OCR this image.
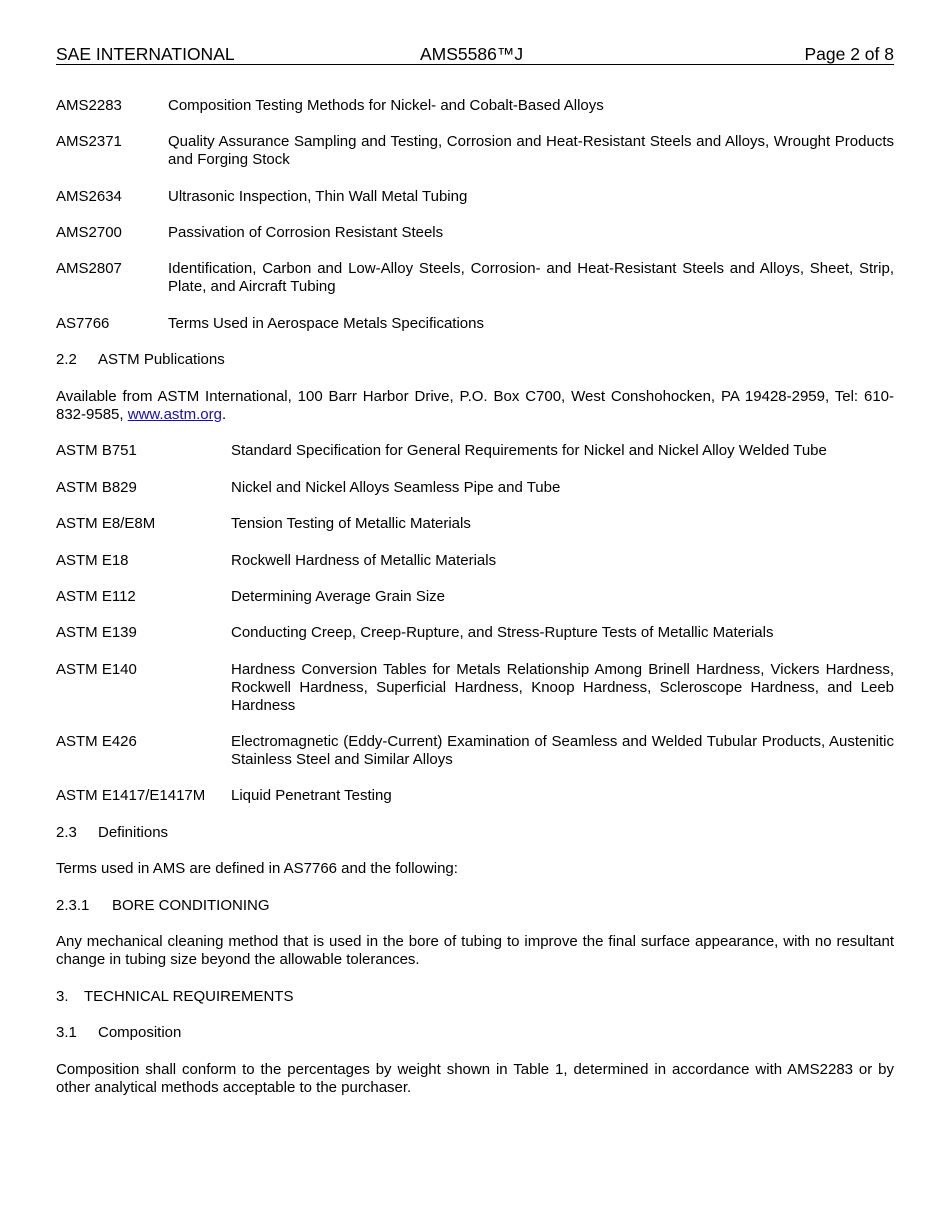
SAE INTERNATIONAL	AMS5586™J	Page 2 of 8
AMS2283	Composition Testing Methods for Nickel- and Cobalt-Based Alloys
AMS2371	Quality Assurance Sampling and Testing, Corrosion and Heat-Resistant Steels and Alloys, Wrought Products and Forging Stock
AMS2634	Ultrasonic Inspection, Thin Wall Metal Tubing
AMS2700	Passivation of Corrosion Resistant Steels
AMS2807	Identification, Carbon and Low-Alloy Steels, Corrosion- and Heat-Resistant Steels and Alloys, Sheet, Strip, Plate, and Aircraft Tubing
AS7766	Terms Used in Aerospace Metals Specifications
2.2 ASTM Publications
Available from ASTM International, 100 Barr Harbor Drive, P.O. Box C700, West Conshohocken, PA 19428-2959, Tel: 610-832-9585, www.astm.org.
ASTM B751	Standard Specification for General Requirements for Nickel and Nickel Alloy Welded Tube
ASTM B829	Nickel and Nickel Alloys Seamless Pipe and Tube
ASTM E8/E8M	Tension Testing of Metallic Materials
ASTM E18	Rockwell Hardness of Metallic Materials
ASTM E112	Determining Average Grain Size
ASTM E139	Conducting Creep, Creep-Rupture, and Stress-Rupture Tests of Metallic Materials
ASTM E140	Hardness Conversion Tables for Metals Relationship Among Brinell Hardness, Vickers Hardness, Rockwell Hardness, Superficial Hardness, Knoop Hardness, Scleroscope Hardness, and Leeb Hardness
ASTM E426	Electromagnetic (Eddy-Current) Examination of Seamless and Welded Tubular Products, Austenitic Stainless Steel and Similar Alloys
ASTM E1417/E1417M	Liquid Penetrant Testing
2.3 Definitions
Terms used in AMS are defined in AS7766 and the following:
2.3.1 BORE CONDITIONING
Any mechanical cleaning method that is used in the bore of tubing to improve the final surface appearance, with no resultant change in tubing size beyond the allowable tolerances.
3. TECHNICAL REQUIREMENTS
3.1 Composition
Composition shall conform to the percentages by weight shown in Table 1, determined in accordance with AMS2283 or by other analytical methods acceptable to the purchaser.
